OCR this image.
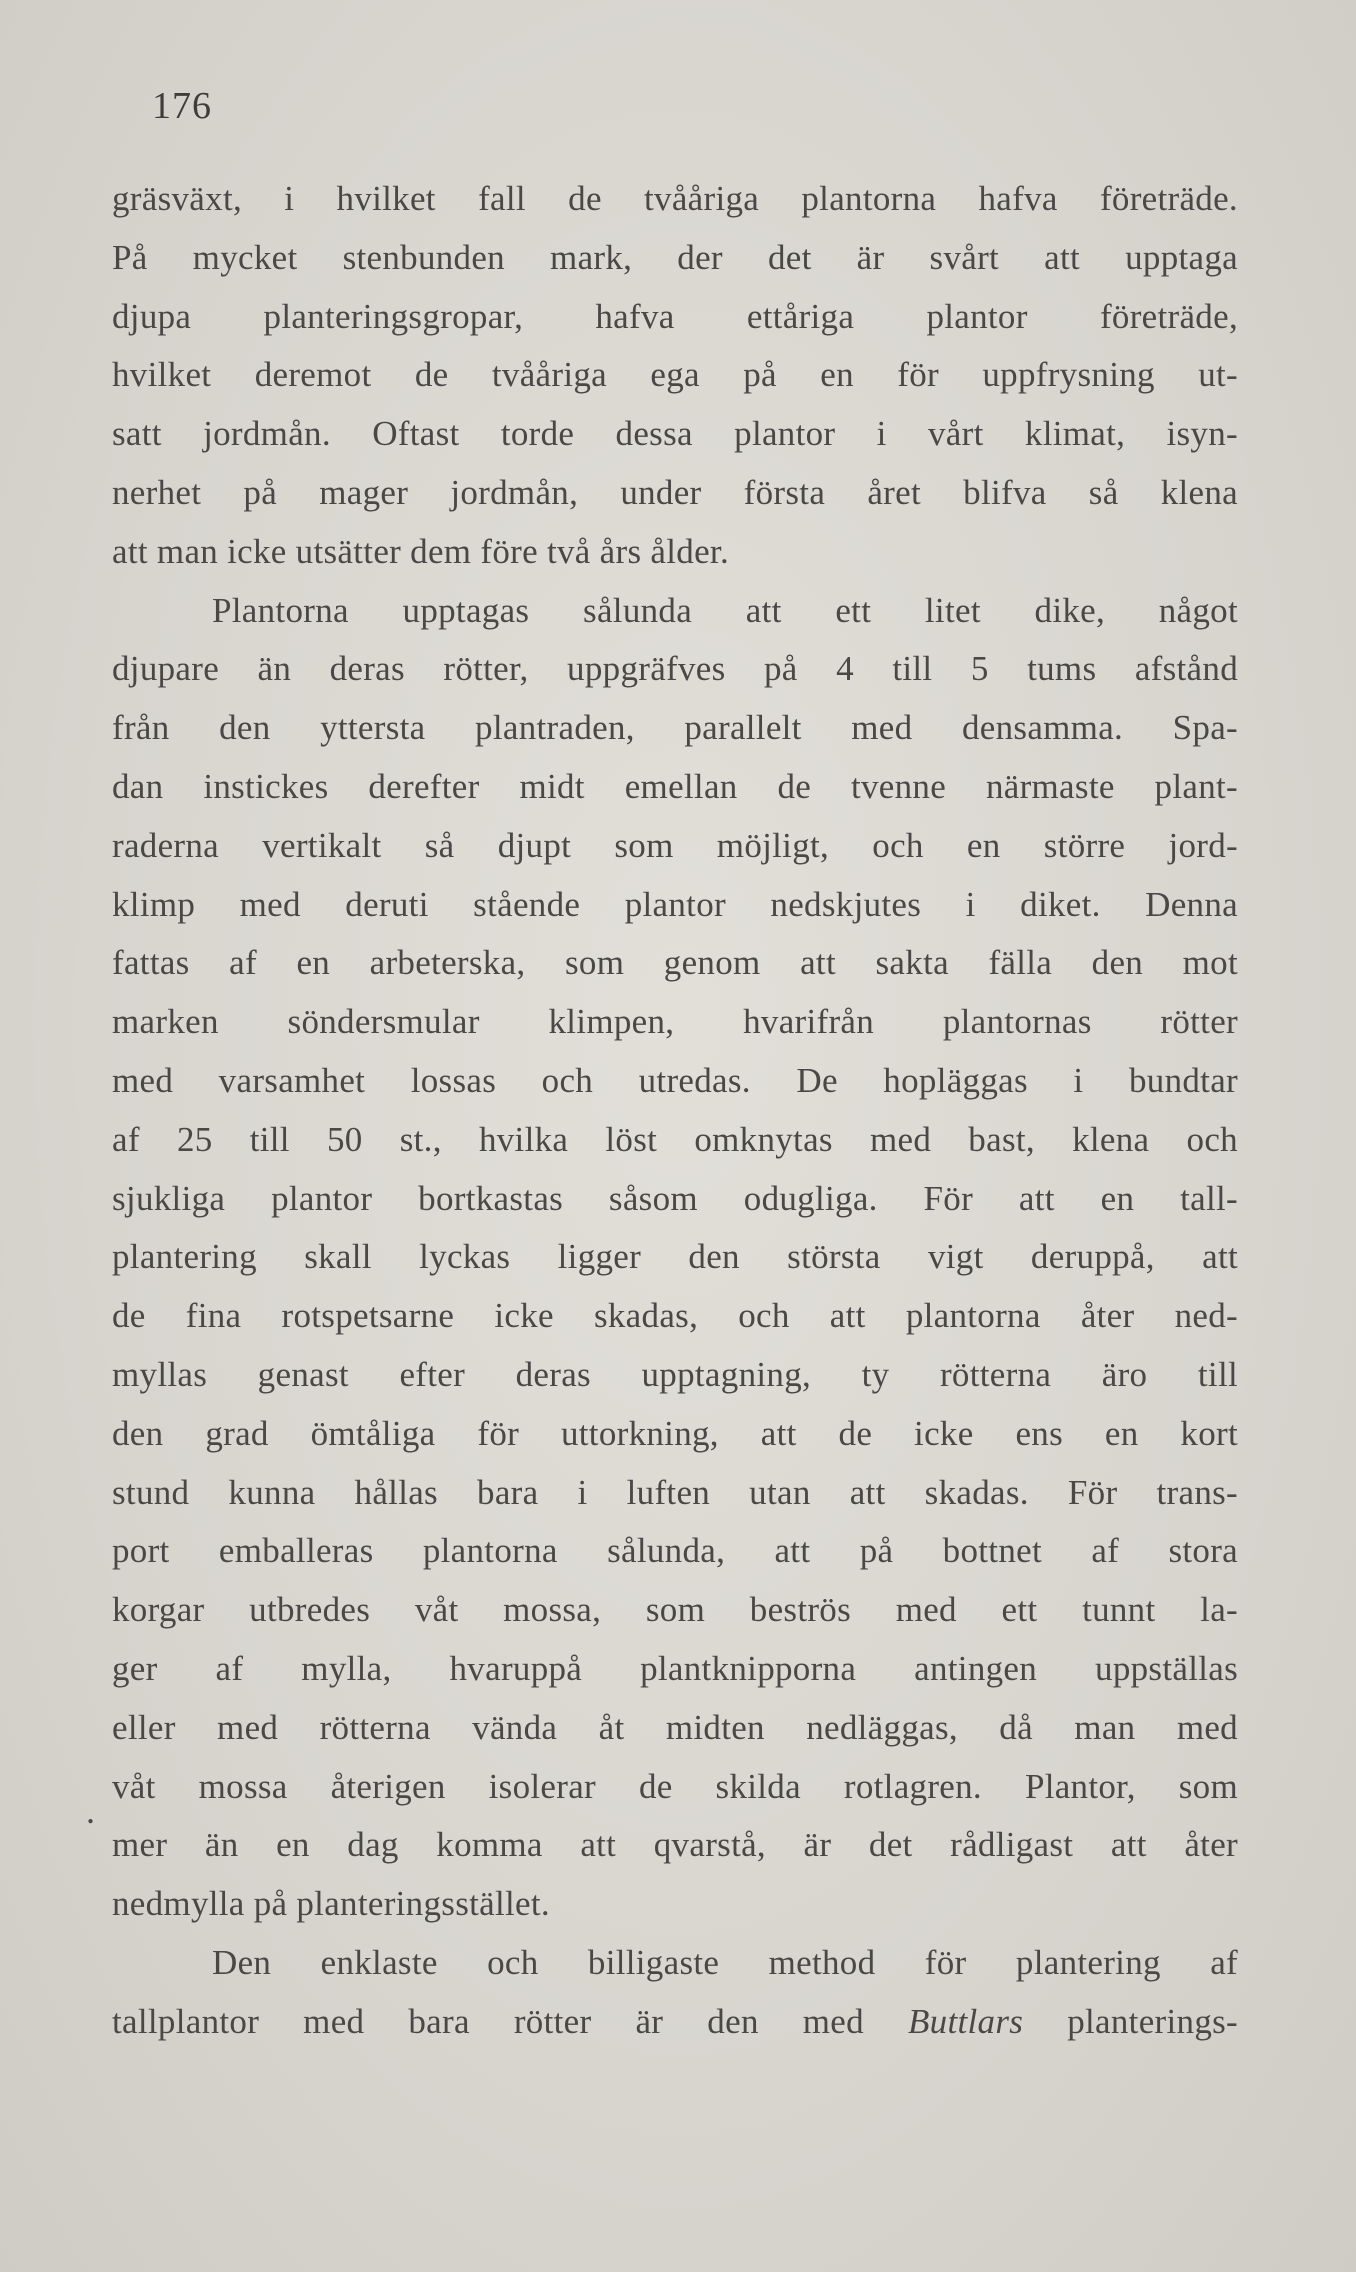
176
.
gräsväxt, i hvilket fall de tvååriga plantorna hafva företräde.
På mycket stenbunden mark, der det är svårt att upptaga
djupa planteringsgropar, hafva ettåriga plantor företräde,
hvilket deremot de tvååriga ega på en för uppfrysning ut-
satt jordmån. Oftast torde dessa plantor i vårt klimat, isyn-
nerhet på mager jordmån, under första året blifva så klena
att man icke utsätter dem före två års ålder.
Plantorna upptagas sålunda att ett litet dike, något
djupare än deras rötter, uppgräfves på 4 till 5 tums afstånd
från den yttersta plantraden, parallelt med densamma. Spa-
dan instickes derefter midt emellan de tvenne närmaste plant-
raderna vertikalt så djupt som möjligt, och en större jord-
klimp med deruti stående plantor nedskjutes i diket. Denna
fattas af en arbeterska, som genom att sakta fälla den mot
marken söndersmular klimpen, hvarifrån plantornas rötter
med varsamhet lossas och utredas. De hopläggas i bundtar
af 25 till 50 st., hvilka löst omknytas med bast, klena och
sjukliga plantor bortkastas såsom odugliga. För att en tall-
plantering skall lyckas ligger den största vigt deruppå, att
de fina rotspetsarne icke skadas, och att plantorna åter ned-
myllas genast efter deras upptagning, ty rötterna äro till
den grad ömtåliga för uttorkning, att de icke ens en kort
stund kunna hållas bara i luften utan att skadas. För trans-
port emballeras plantorna sålunda, att på bottnet af stora
korgar utbredes våt mossa, som beströs med ett tunnt la-
ger af mylla, hvaruppå plantknipporna antingen uppställas
eller med rötterna vända åt midten nedläggas, då man med
våt mossa återigen isolerar de skilda rotlagren. Plantor, som
mer än en dag komma att qvarstå, är det rådligast att åter
nedmylla på planteringsstället.
Den enklaste och billigaste method för plantering af
tallplantor med bara rötter är den med Buttlars planterings-
